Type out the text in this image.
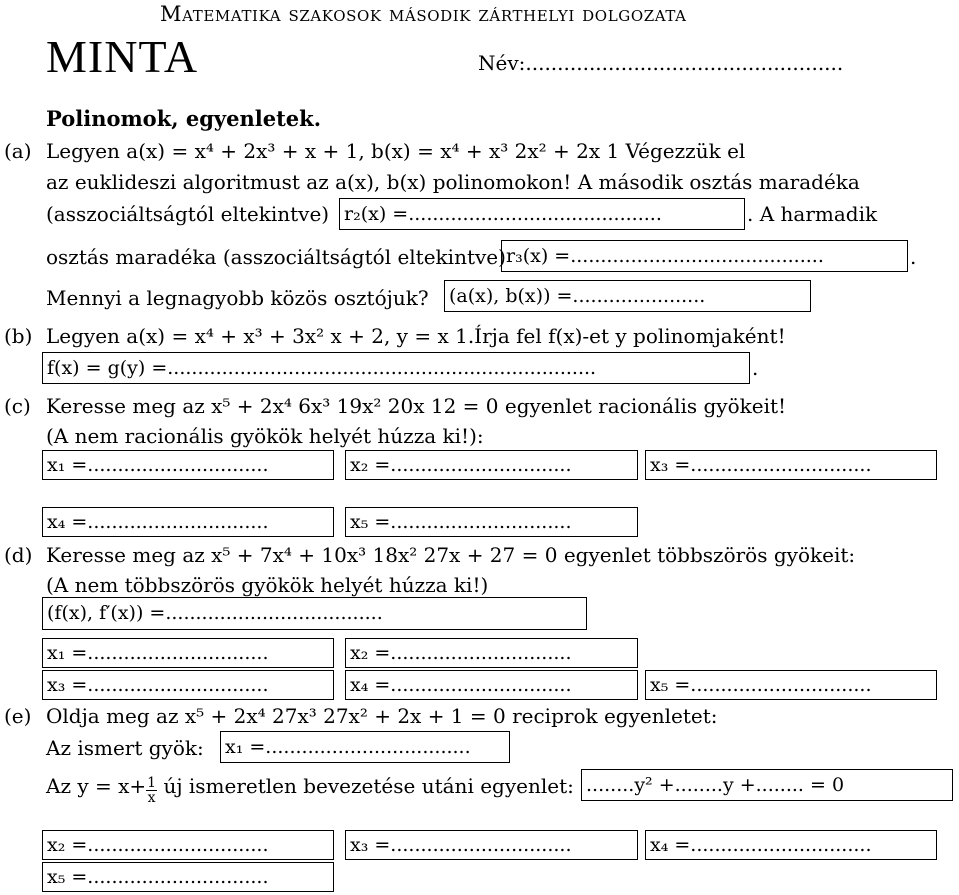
Matematika szakosok második zárthelyi dolgozata
MINTA	Név:..................................................
Polinomok, egyenletek.
(a) Legyen a(x) = x⁴ + 2x³ + x + 1, b(x) = x⁴ + x³ 2x² + 2x 1 Végezzük el
az euklideszi algoritmust az a(x), b(x) polinomokon! A második osztás maradéka
(asszociáltságtól eltekintve) r₂(x) =..........................................	. A harmadik
osztás maradéka (asszociáltságtól eltekintve) r₃(x) =..........................................	.
Mennyi a legnagyobb közös osztójuk? (a(x), b(x)) =......................
(b) Legyen a(x) = x⁴ + x³ + 3x² x + 2, y = x 1.Írja fel f(x)-et y polinomjaként!
f(x) = g(y) =.......................................................................	.
(c) Keresse meg az x⁵ + 2x⁴ 6x³ 19x² 20x 12 = 0 egyenlet racionális gyökeit!
(A nem racionális gyökök helyét húzza ki!):
x₁ =..............................	x₂ =..............................	x₃ =..............................
x₄ =..............................	x₅ =..............................
(d) Keresse meg az x⁵ + 7x⁴ + 10x³ 18x² 27x + 27 = 0 egyenlet többszörös gyökeit:
(A nem többszörös gyökök helyét húzza ki!)
(f(x), f′(x)) =....................................
x₁ =..............................	x₂ =..............................
x₃ =..............................	x₄ =..............................	x₅ =..............................
(e) Oldja meg az x⁵ + 2x⁴ 27x³ 27x² + 2x + 1 = 0 reciprok egyenletet:
Az ismert gyök: x₁ =..................................
Az $y = x+ \frac{1}{x}$ új ismeretlen bevezetése utáni egyenlet: ........y² +........y +........ = 0
x₂ =..............................	x₃ =..............................	x₄ =..............................
x₅ =..............................
